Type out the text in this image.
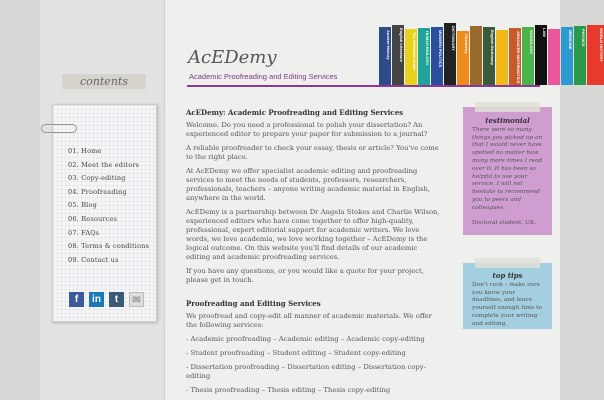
contents
01. Home
02. Meet the editors
03. Copy-editing
04. Proofreading
05. Blog
06. Resources
07. FAQs
08. Terms & conditions
09. Contact us
f	in	t	✉
Ancient History	English Literature	The Definitive Guide	HUMAN BIOLOGY	MODERN POLITICS	DICTIONARY	Chemistry	English Dictionary	ADVANCED MATHEMATICS	SOCIOLOGY	LAW	MEDICINE	PHYSICS	WORLD HISTORY
AcEDemy
Academic Proofreading and Editing Services
AcEDemy: Academic Proofreading and Editing Services

Welcome. Do you need a professional to polish your dissertation? An experienced editor to prepare your paper for submission to a journal?

A reliable proofreader to check your essay, thesis or article? You've come to the right place.

At AcEDemy we offer specialist academic editing and proofreading services to meet the needs of students, professors, researchers, professionals, teachers – anyone writing academic material in English, anywhere in the world.

AcEDemy is a partnership between Dr Angela Stokes and Charlie Wilson, experienced editors who have come together to offer high-quality, professional, expert editorial support for academic writers. We love words, we love academia, we love working together – AcEDemy is the logical outcome. On this website you'll find details of our academic editing and academic proofreading services.

If you have any questions, or you would like a quote for your project, please get in touch.

Proofreading and Editing Services

We proofread and copy-edit all manner of academic materials. We offer the following services:

- Academic proofreading – Academic editing – Academic copy-editing

- Student proofreading – Student editing – Student copy-editing

- Dissertation proofreading – Dissertation editing – Dissertation copy-editing

- Thesis proofreading – Thesis editing – Thesis copy-editing

testimonial

There were so many things you picked up on that I would never have spotted no matter how many more times I read over it. It has been so helpful to use your service. I will not hesitate to recommend you to peers and colleagues.

Doctoral student, UK.

top tips

Don't rush – make sure you know your deadlines, and leave yourself enough time to complete your writing and editing.
